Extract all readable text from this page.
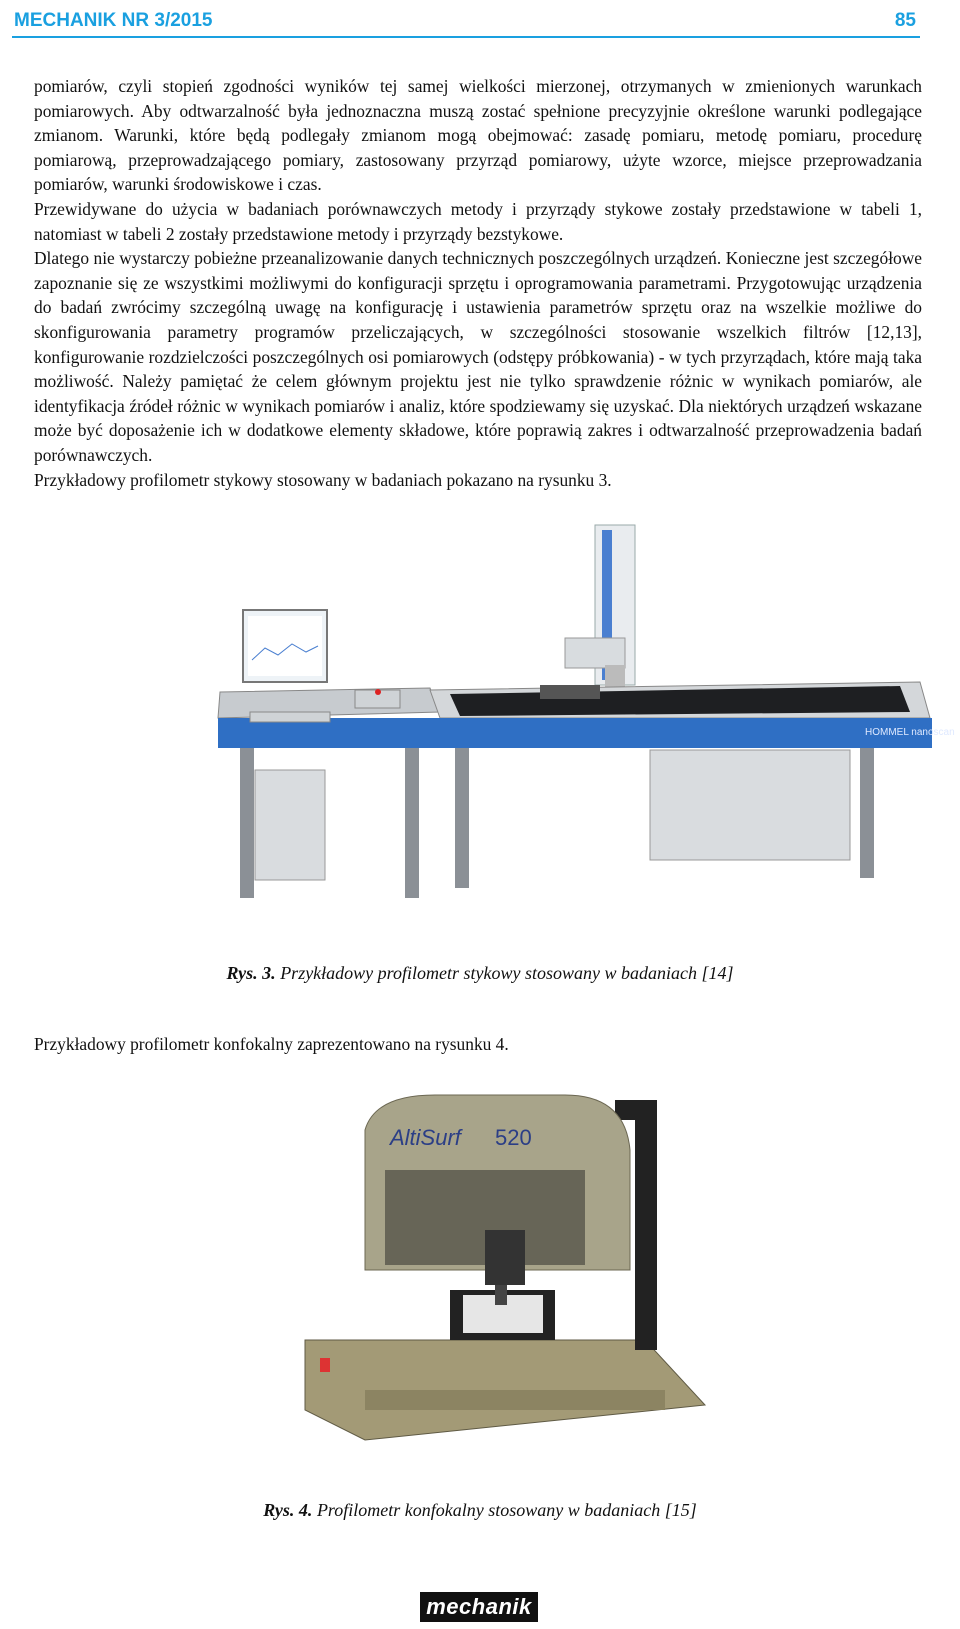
MECHANIK NR 3/2015	85

pomiarów, czyli stopień zgodności wyników tej samej wielkości mierzonej, otrzymanych w zmienionych warunkach pomiarowych. Aby odtwarzalność była jednoznaczna muszą zostać spełnione precyzyjnie określone warunki podlegające zmianom. Warunki, które będą podlegały zmianom mogą obejmować: zasadę pomiaru, metodę pomiaru, procedurę pomiarową, przeprowadzającego pomiary, zastosowany przyrząd pomiarowy, użyte wzorce, miejsce przeprowadzania pomiarów, warunki środowiskowe i czas.

Przewidywane do użycia w badaniach porównawczych metody i przyrządy stykowe zostały przedstawione w tabeli 1, natomiast w tabeli 2 zostały przedstawione metody i przyrządy bezstykowe.

Dlatego nie wystarczy pobieżne przeanalizowanie danych technicznych poszczególnych urządzeń. Konieczne jest szczegółowe zapoznanie się ze wszystkimi możliwymi do konfiguracji sprzętu i oprogramowania parametrami. Przygotowując urządzenia do badań zwrócimy szczególną uwagę na konfigurację i ustawienia parametrów sprzętu oraz na wszelkie możliwe do skonfigurowania parametry programów przeliczających, w szczególności stosowanie wszelkich filtrów [12,13], konfigurowanie rozdzielczości poszczególnych osi pomiarowych (odstępy próbkowania) - w tych przyrządach, które mają taka możliwość. Należy pamiętać że celem głównym projektu jest nie tylko sprawdzenie różnic w wynikach pomiarów, ale identyfikacja źródeł różnic w wynikach pomiarów i analiz, które spodziewamy się uzyskać. Dla niektórych urządzeń wskazane może być doposażenie ich w dodatkowe elementy składowe, które poprawią zakres i odtwarzalność przeprowadzenia badań porównawczych.

Przykładowy profilometr stykowy stosowany w badaniach pokazano na rysunku 3.

HOMMEL nanoscan
Rys. 3. Przykładowy profilometr stykowy stosowany w badaniach [14]
Przykładowy profilometr konfokalny zaprezentowano na rysunku 4.
AltiSurf 520
Rys. 4. Profilometr konfokalny stosowany w badaniach [15]
mechanik
